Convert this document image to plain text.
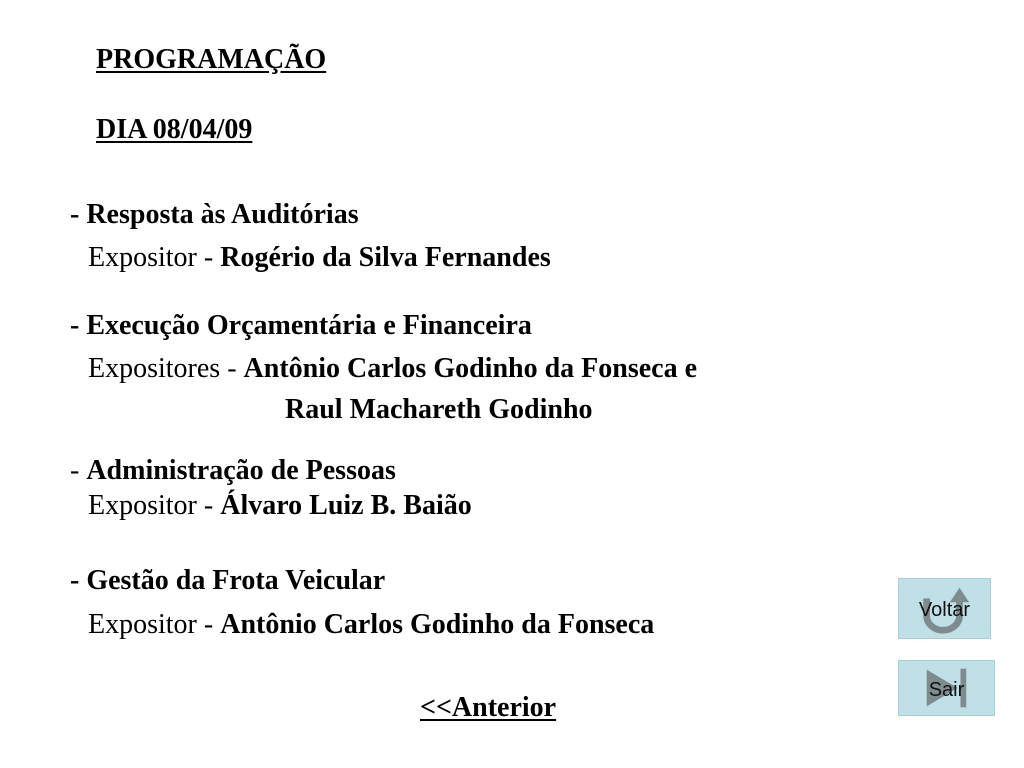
PROGRAMAÇÃO
DIA 08/04/09
- Resposta às Auditórias
Expositor - Rogério da Silva Fernandes
- Execução Orçamentária e Financeira
Expositores - Antônio Carlos Godinho da Fonseca e
Raul Machareth Godinho
- Administração de Pessoas
Expositor - Álvaro Luiz B. Baião
- Gestão da Frota Veicular
Expositor - Antônio Carlos Godinho da Fonseca
<<Anterior
Voltar
Sair
